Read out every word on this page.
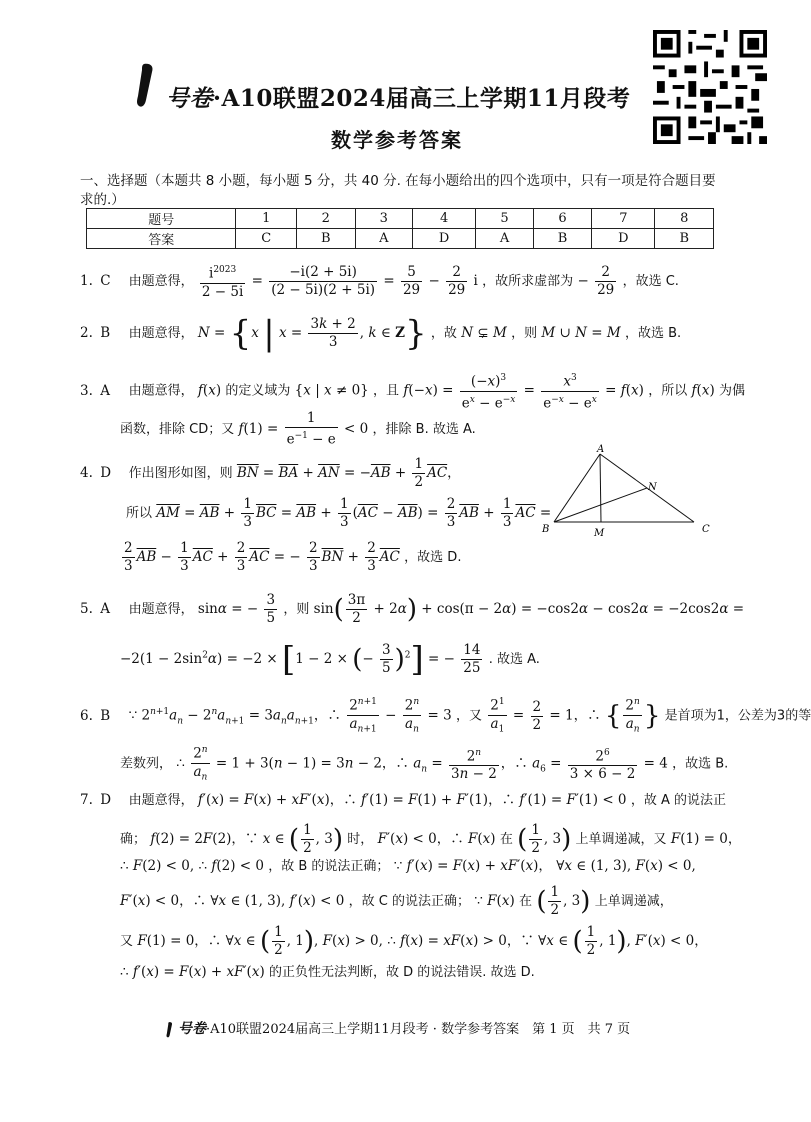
号卷·A10联盟2024届高三上学期11月段考
数学参考答案
一、选择题（本题共 8 小题，每小题 5 分，共 40 分. 在每小题给出的四个选项中，只有一项是符合题目要求的.）
题号	1	2	3	4	5	6	7	8
答案	C	B	A	D	A	B	D	B
1. C 由题意得， $\frac{i^{2023}}{2 - 5i} = \frac{-i(2 + 5i)}{(2 - 5i)(2 + 5i)} = \frac{5}{29} - \frac{2}{29}$ i ，故所求虚部为 − $\frac{2}{29}$ ，故选 C.
2. B 由题意得， N = {x | $x = \frac{3k + 2}{3}$ , k ∈ Z} ，故 N ⊊ M ，则 M ∪ N = M ，故选 B.
3. A 由题意得， f(x) 的定义域为 {x | x ≠ 0} ，且 $f(-x) = \frac{(-x)^3}{e^x - e^{-x}} = \frac{x^3}{e^{-x} - e^x} = f(x)$ ，所以 f(x) 为偶
函数，排除 CD；又 $f(1) = \frac{1}{e^{-1} - e} < 0$ ，排除 B. 故选 A.
4. D 作出图形如图，则 $\overline{BN} = \overline{BA} + \overline{AN} = -\overline{AB} + \frac{1}{2} \overline{AC}$，
所以 $\overline{AM} = \overline{AB} + \frac{1}{3} \overline{BC} = \overline{AB} + \frac{1}{3} (\overline{AC} - \overline{AB}) = \frac{2}{3} \overline{AB} + \frac{1}{3} \overline{AC}$ =
$\frac{2}{3} \overline{AB} - \frac{1}{3} \overline{AC} + \frac{2}{3} \overline{AC}$ = − $\frac{2}{3} \overline{BN} + \frac{2}{3} \overline{AC}$ ，故选 D.
A
B	C
M
N
5. A 由题意得， sinα = − $\frac{3}{5}$ ，则 $\sin( \frac{3\pi}{2} + 2\alpha) + \cos(\pi - 2\alpha) = -\cos 2\alpha - \cos 2\alpha = -2\cos 2\alpha$ =
$-2(1 - 2\sin^2\alpha) = -2 \times [1 - 2$ × (− $\frac{3}{5} )^2$] = − $\frac{14}{25}$ . 故选 A.
6. B ∵ $2^{n+1}a_n - 2^na_{n+1} = 3a_na_{n+1}$，∴ $\frac{2^{n+1}}{a_{n+1}} - \frac{2^n}{a_n} = 3$ ，又 $\frac{2^1}{a_1} = \frac{2}{2} = 1$，∴ { $\frac{2^n}{a_n}$ } 是首项为1，公差为3的等
差数列， ∴ $\frac{2^n}{a_n} = 1 + 3(n - 1) = 3n - 2$，∴ $a_n = \frac{2^n}{3n - 2}$ ，∴ $a_6 = \frac{2^6}{3 \times 6 - 2} = 4$ ，故选 B.
7. D 由题意得， f′(x) = F(x) + xF′(x)，∴ f′(1) = F(1) + F′(1)，∴ f′(1) = F′(1) < 0 ，故 A 的说法正
确； f(2) = 2F(2)，∵ x ∈ ( $\frac{1}{2}$ , 3) 时， F′(x) < 0，∴ F(x) 在 ( $\frac{1}{2}$ , 3) 上单调递减，又 F(1) = 0，
∴ F(2) < 0, ∴ f(2) < 0 ，故 B 的说法正确； ∵ f′(x) = F(x) + xF′(x)， ∀x ∈ (1, 3), F(x) < 0,
F′(x) < 0，∴ ∀x ∈ (1, 3), f′(x) < 0 ，故 C 的说法正确； ∵ F(x) 在 ( $\frac{1}{2}$ , 3) 上单调递减，
又 F(1) = 0，∴ ∀x ∈ ( $\frac{1}{2}$ , 1), F(x) > 0, ∴ f(x) = xF(x) > 0，∵ ∀x ∈ ( $\frac{1}{2}$ , 1), F′(x) < 0，
∴ f′(x) = F(x) + xF′(x) 的正负性无法判断，故 D 的说法错误. 故选 D.
号卷·A10联盟2024届高三上学期11月段考 · 数学参考答案　第 1 页　共 7 页
